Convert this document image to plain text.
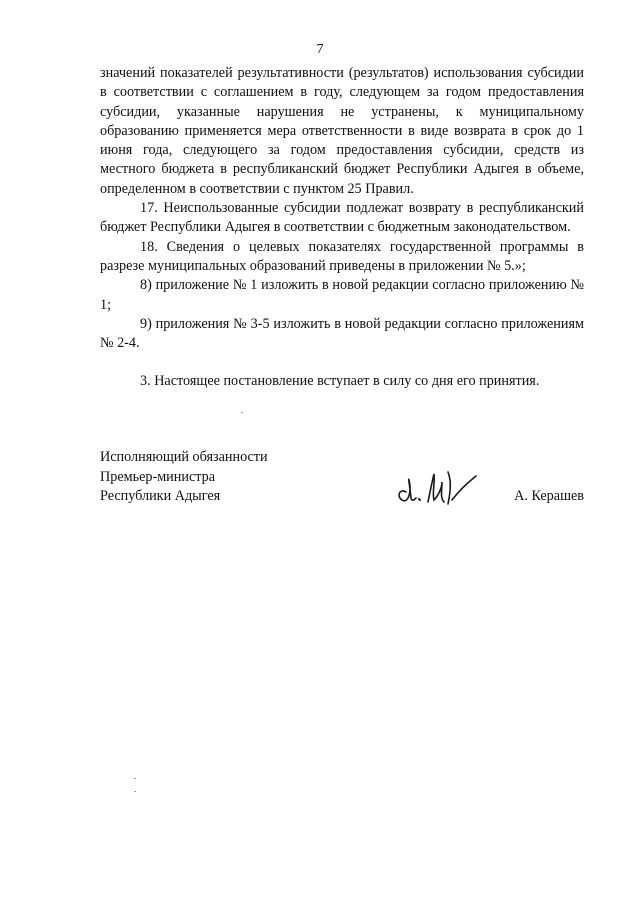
7

значений показателей результативности (результатов) использования субсидии в соответствии с соглашением в году, следующем за годом предоставления субсидии, указанные нарушения не устранены, к муниципальному образованию применяется мера ответственности в виде возврата в срок до 1 июня года, следующего за годом предоставления субсидии, средств из местного бюджета в республиканский бюджет Республики Адыгея в объеме, определенном в соответствии с пунктом 25 Правил.

17. Неиспользованные субсидии подлежат возврату в республиканский бюджет Республики Адыгея в соответствии с бюджетным законодательством.

18. Сведения о целевых показателях государственной программы в разрезе муниципальных образований приведены в приложении № 5.»;

8) приложение № 1 изложить в новой редакции согласно приложению № 1;

9) приложения № 3-5 изложить в новой редакции согласно приложениям № 2-4.

3. Настоящее постановление вступает в силу со дня его принятия.

Исполняющий обязанности
Премьер-министра
Республики Адыгея	А. Керашев
